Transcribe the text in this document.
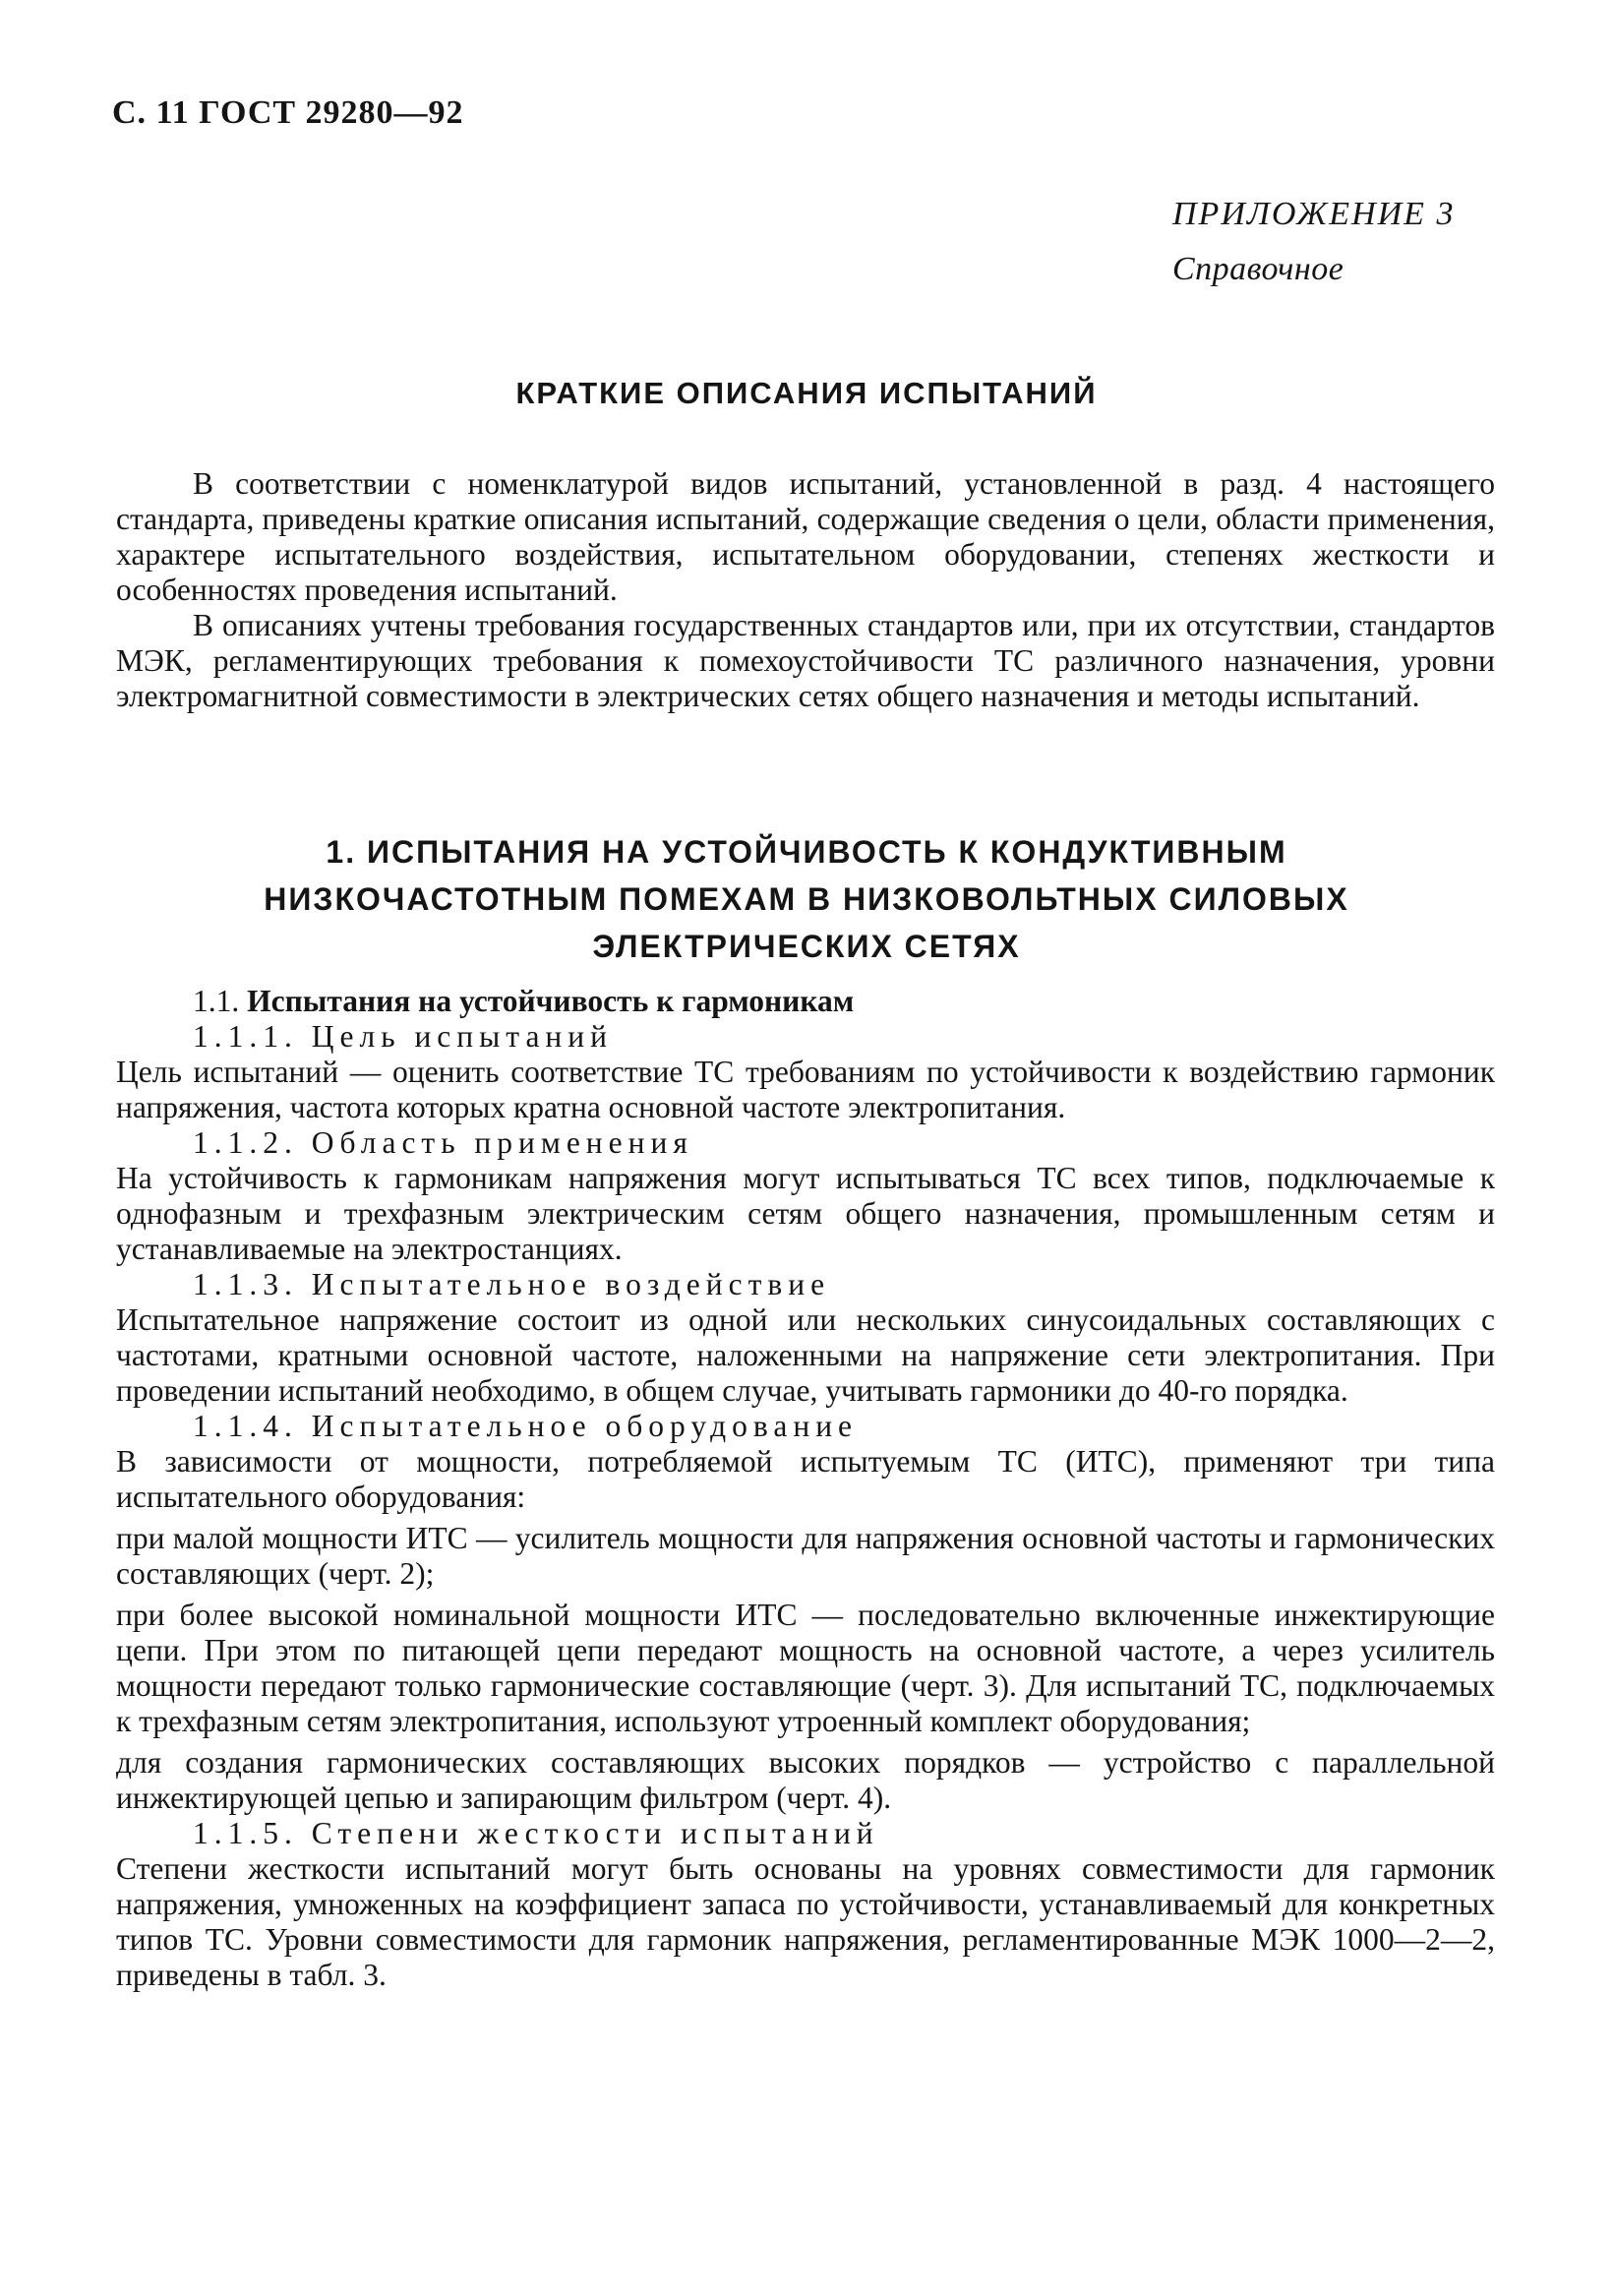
С. 11 ГОСТ 29280—92
ПРИЛОЖЕНИЕ 3
Справочное
КРАТКИЕ ОПИСАНИЯ ИСПЫТАНИЙ

В соответствии с номенклатурой видов испытаний, установленной в разд. 4 настоящего стандарта, приведены краткие описания испытаний, содержащие сведения о цели, области применения, характере испытательного воздействия, испытательном оборудовании, степенях жесткости и особенностях проведения испытаний.

В описаниях учтены требования государственных стандартов или, при их отсутствии, стандартов МЭК, регламентирующих требования к помехоустойчивости ТС различного назначения, уровни электромагнитной совместимости в электрических сетях общего назначения и методы испытаний.

1. ИСПЫТАНИЯ НА УСТОЙЧИВОСТЬ К КОНДУКТИВНЫМ
НИЗКОЧАСТОТНЫМ ПОМЕХАМ В НИЗКОВОЛЬТНЫХ СИЛОВЫХ
ЭЛЕКТРИЧЕСКИХ СЕТЯХ

1.1. Испытания на устойчивость к гармоникам

1.1.1. Цель испытаний

Цель испытаний — оценить соответствие ТС требованиям по устойчивости к воздействию гармоник напряжения, частота которых кратна основной частоте электропитания.

1.1.2. Область применения

На устойчивость к гармоникам напряжения могут испытываться ТС всех типов, подключаемые к однофазным и трехфазным электрическим сетям общего назначения, промышленным сетям и устанавливаемые на электростанциях.

1.1.3. Испытательное воздействие

Испытательное напряжение состоит из одной или нескольких синусоидальных составляющих с частотами, кратными основной частоте, наложенными на напряжение сети электропитания. При проведении испытаний необходимо, в общем случае, учитывать гармоники до 40-го порядка.

1.1.4. Испытательное оборудование

В зависимости от мощности, потребляемой испытуемым ТС (ИТС), применяют три типа испытательного оборудования:

при малой мощности ИТС — усилитель мощности для напряжения основной частоты и гармонических составляющих (черт. 2);

при более высокой номинальной мощности ИТС — последовательно включенные инжектирующие цепи. При этом по питающей цепи передают мощность на основной частоте, а через усилитель мощности передают только гармонические составляющие (черт. 3). Для испытаний ТС, подключаемых к трехфазным сетям электропитания, используют утроенный комплект оборудования;

для создания гармонических составляющих высоких порядков — устройство с параллельной инжектирующей цепью и запирающим фильтром (черт. 4).

1.1.5. Степени жесткости испытаний

Степени жесткости испытаний могут быть основаны на уровнях совместимости для гармоник напряжения, умноженных на коэффициент запаса по устойчивости, устанавливаемый для конкретных типов ТС. Уровни совместимости для гармоник напряжения, регламентированные МЭК 1000—2—2, приведены в табл. 3.
